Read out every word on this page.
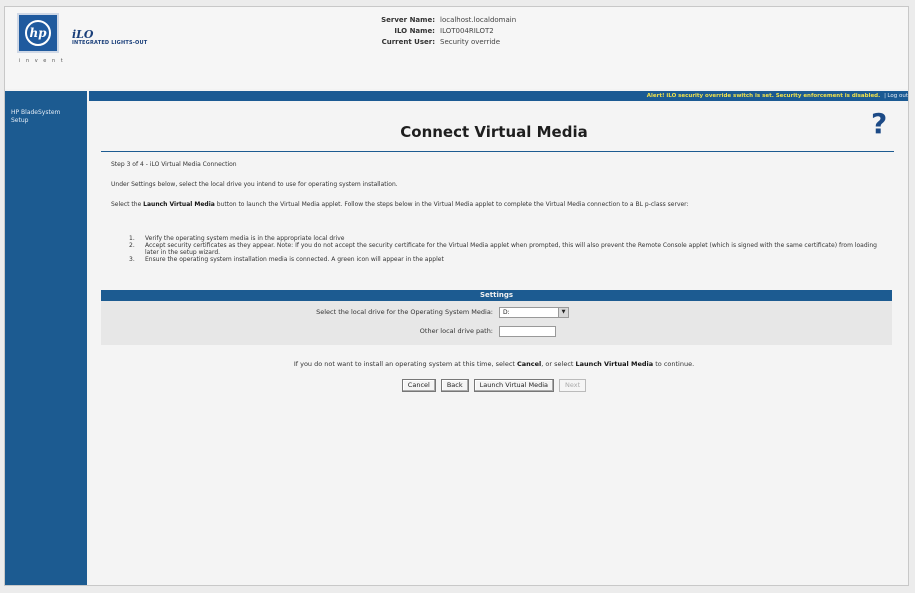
hp
i n v e n t
iLO
INTEGRATED LIGHTS-OUT
Server Name: localhost.localdomain
ILO Name: ILOT004RILOT2
Current User: Security override
Alert! iLO security override switch is set. Security enforcement is disabled. | Log out
HP BladeSystem Setup
Connect Virtual Media	?
Step 3 of 4 - iLO Virtual Media Connection
Under Settings below, select the local drive you intend to use for operating system installation.
Select the Launch Virtual Media button to launch the Virtual Media applet. Follow the steps below in the Virtual Media applet to complete the Virtual Media connection to a BL p-class server:
1.	Verify the operating system media is in the appropriate local drive
2.	Accept security certificates as they appear. Note: If you do not accept the security certificate for the Virtual Media applet when prompted, this will also prevent the Remote Console applet (which is signed with the same certificate) from loading later in the setup wizard.
3.	Ensure the operating system installation media is connected. A green icon will appear in the applet
Settings
Select the local drive for the Operating System Media:	D:	▼
Other local drive path:
If you do not want to install an operating system at this time, select Cancel, or select Launch Virtual Media to continue.
Cancel	Back	Launch Virtual Media	Next
